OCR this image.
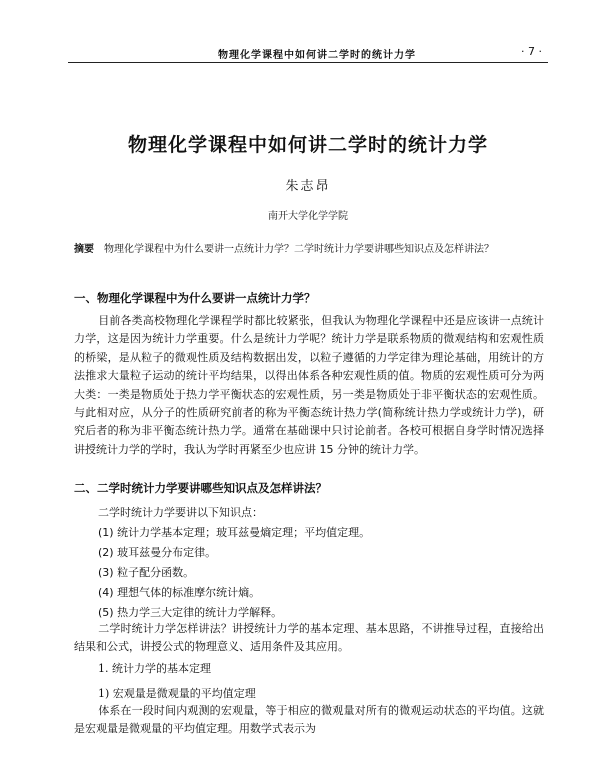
物理化学课程中如何讲二学时的统计力学	· 7 ·
物理化学课程中如何讲二学时的统计力学
朱志昂
南开大学化学学院
摘要 物理化学课程中为什么要讲一点统计力学？二学时统计力学要讲哪些知识点及怎样讲法？
一、物理化学课程中为什么要讲一点统计力学？

目前各类高校物理化学课程学时都比较紧张，但我认为物理化学课程中还是应该讲一点统计力学，这是因为统计力学重要。什么是统计力学呢？统计力学是联系物质的微观结构和宏观性质的桥梁，是从粒子的微观性质及结构数据出发，以粒子遵循的力学定律为理论基础，用统计的方法推求大量粒子运动的统计平均结果，以得出体系各种宏观性质的值。物质的宏观性质可分为两大类：一类是物质处于热力学平衡状态的宏观性质，另一类是物质处于非平衡状态的宏观性质。与此相对应，从分子的性质研究前者的称为平衡态统计热力学(简称统计热力学或统计力学)，研究后者的称为非平衡态统计热力学。通常在基础课中只讨论前者。各校可根据自身学时情况选择讲授统计力学的学时，我认为学时再紧至少也应讲 15 分钟的统计力学。

二、二学时统计力学要讲哪些知识点及怎样讲法？
二学时统计力学要讲以下知识点：
(1) 统计力学基本定理；玻耳兹曼熵定理；平均值定理。
(2) 玻耳兹曼分布定律。
(3) 粒子配分函数。
(4) 理想气体的标准摩尔统计熵。
(5) 热力学三大定律的统计力学解释。

二学时统计力学怎样讲法？讲授统计力学的基本定理、基本思路，不讲推导过程，直接给出结果和公式，讲授公式的物理意义、适用条件及其应用。

1. 统计力学的基本定理
1) 宏观量是微观量的平均值定理

体系在一段时间内观测的宏观量，等于相应的微观量对所有的微观运动状态的平均值。这就是宏观量是微观量的平均值定理。用数学式表示为
